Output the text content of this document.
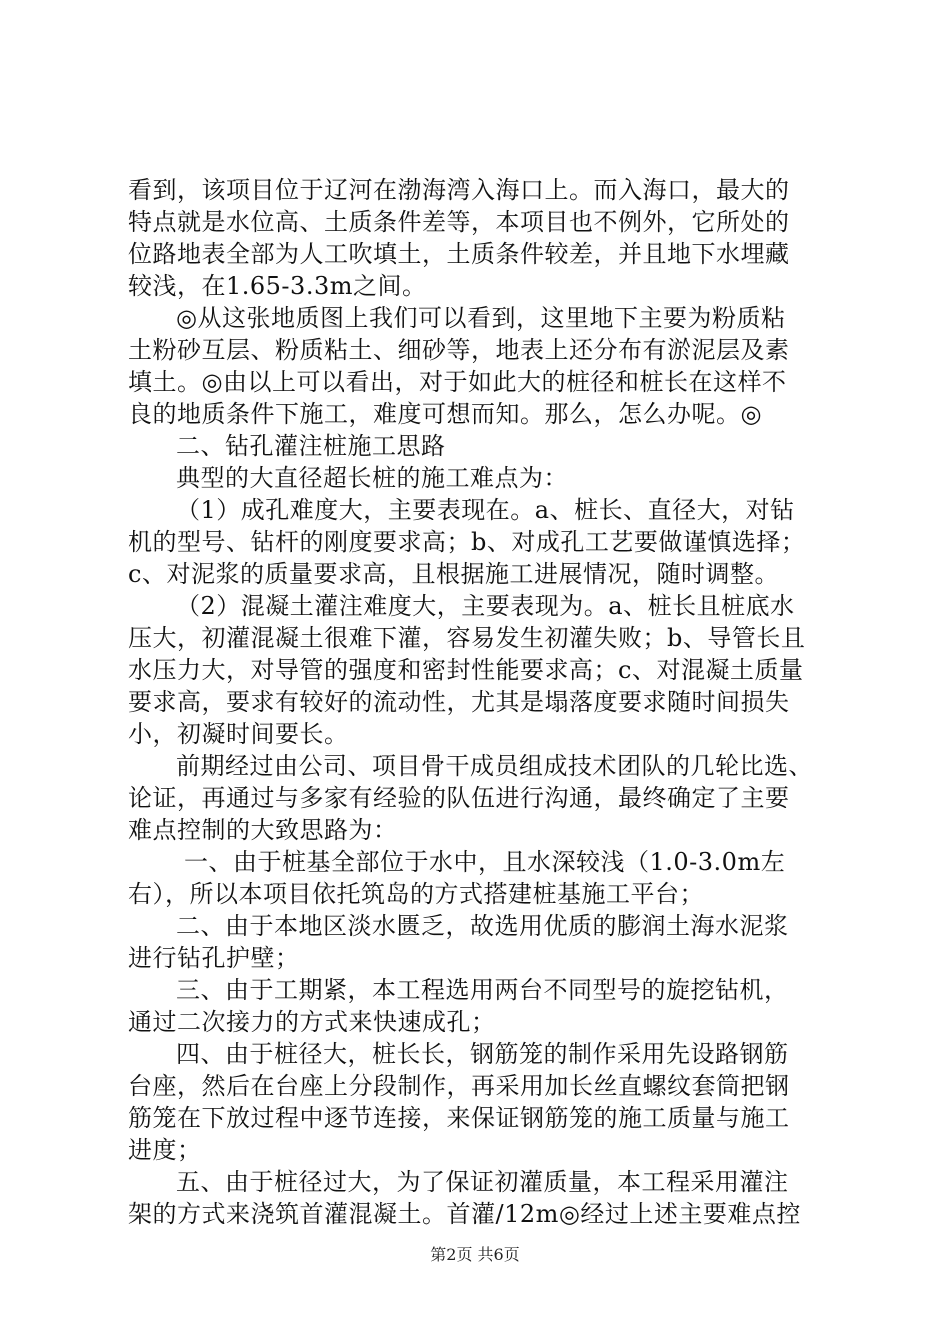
看到，该项目位于辽河在渤海湾入海口上。而入海口，最大的
特点就是水位高、土质条件差等，本项目也不例外，它所处的
位路地表全部为人工吹填土，土质条件较差，并且地下水埋藏
较浅，在1.65-3.3m之间。
◎从这张地质图上我们可以看到，这里地下主要为粉质粘
土粉砂互层、粉质粘土、细砂等，地表上还分布有淤泥层及素
填土。◎由以上可以看出，对于如此大的桩径和桩长在这样不
良的地质条件下施工，难度可想而知。那么，怎么办呢。◎
二、钻孔灌注桩施工思路
典型的大直径超长桩的施工难点为：
（1）成孔难度大，主要表现在。a、桩长、直径大，对钻
机的型号、钻杆的刚度要求高；b、对成孔工艺要做谨慎选择；
c、对泥浆的质量要求高，且根据施工进展情况，随时调整。
（2）混凝土灌注难度大，主要表现为。a、桩长且桩底水
压大，初灌混凝土很难下灌，容易发生初灌失败；b、导管长且
水压力大，对导管的强度和密封性能要求高；c、对混凝土质量
要求高，要求有较好的流动性，尤其是塌落度要求随时间损失
小，初凝时间要长。
前期经过由公司、项目骨干成员组成技术团队的几轮比选、
论证，再通过与多家有经验的队伍进行沟通，最终确定了主要
难点控制的大致思路为：
一、由于桩基全部位于水中，且水深较浅（1.0-3.0m左
右），所以本项目依托筑岛的方式搭建桩基施工平台；
二、由于本地区淡水匮乏，故选用优质的膨润土海水泥浆
进行钻孔护壁；
三、由于工期紧，本工程选用两台不同型号的旋挖钻机，
通过二次接力的方式来快速成孔；
四、由于桩径大，桩长长，钢筋笼的制作采用先设路钢筋
台座，然后在台座上分段制作，再采用加长丝直螺纹套筒把钢
筋笼在下放过程中逐节连接，来保证钢筋笼的施工质量与施工
进度；
五、由于桩径过大，为了保证初灌质量，本工程采用灌注
架的方式来浇筑首灌混凝土。首灌/12m◎经过上述主要难点控
第2页 共6页
